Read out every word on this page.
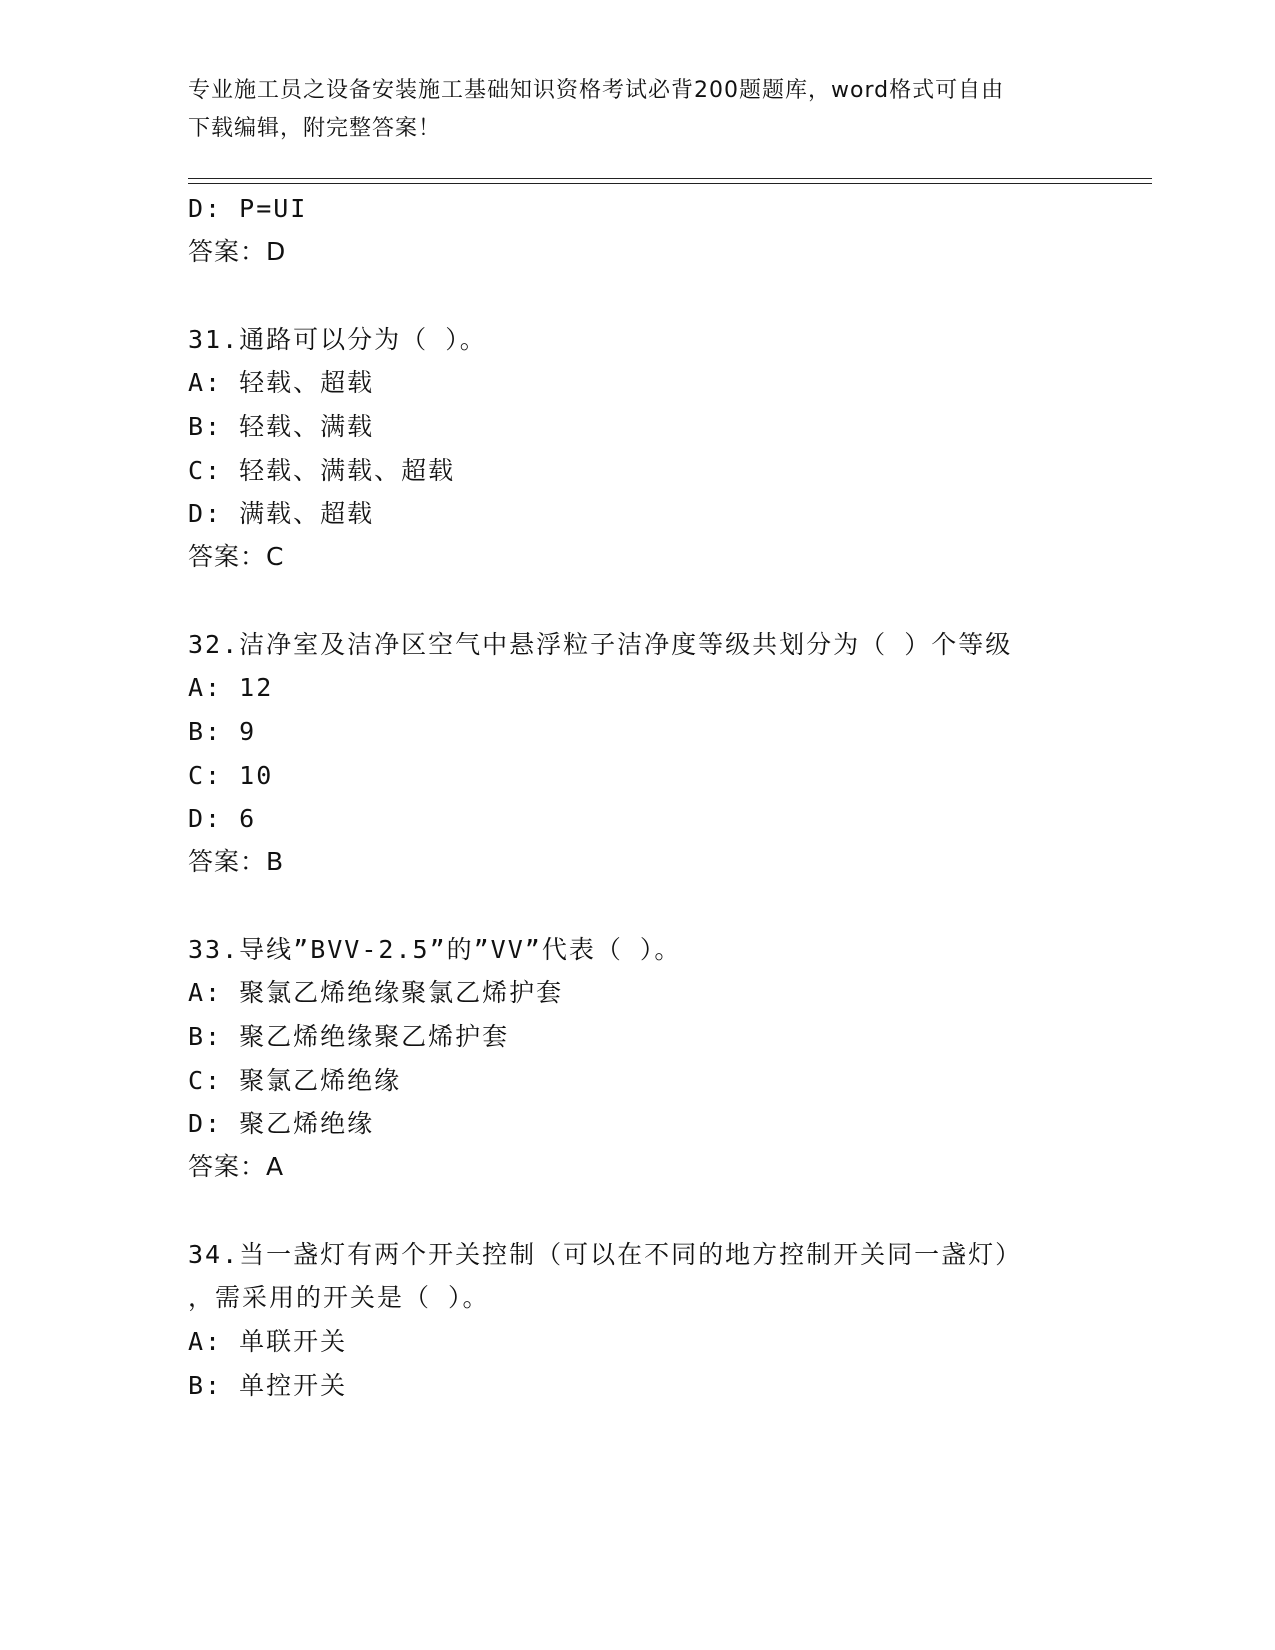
专业施工员之设备安装施工基础知识资格考试必背200题题库，word格式可自由
下载编辑，附完整答案！
D: P=UI
答案：D
31.通路可以分为（ ）。
A: 轻载、超载
B: 轻载、满载
C: 轻载、满载、超载
D: 满载、超载
答案：C
32.洁净室及洁净区空气中悬浮粒子洁净度等级共划分为（ ）个等级
A: 12
B: 9
C: 10
D: 6
答案：B
33.导线”BVV-2.5”的”VV”代表（ ）。
A: 聚氯乙烯绝缘聚氯乙烯护套
B: 聚乙烯绝缘聚乙烯护套
C: 聚氯乙烯绝缘
D: 聚乙烯绝缘
答案：A
34.当一盏灯有两个开关控制（可以在不同的地方控制开关同一盏灯）
，需采用的开关是（ ）。
A: 单联开关
B: 单控开关
